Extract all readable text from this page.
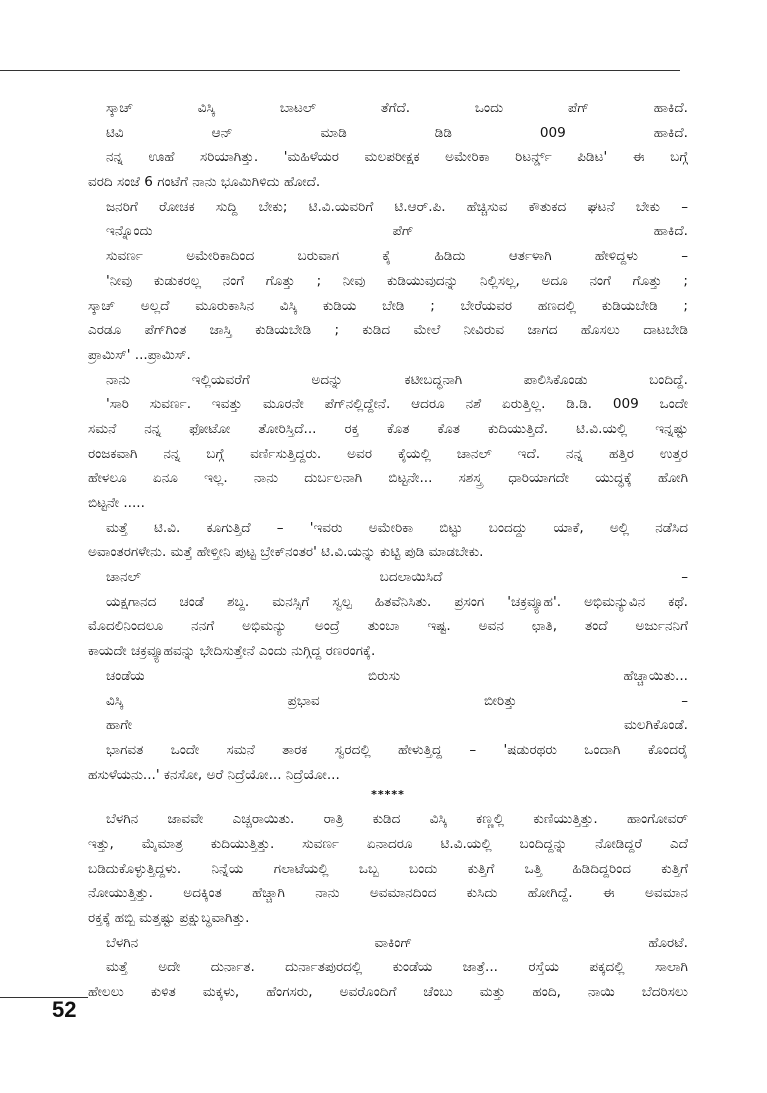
ಸ್ಕಾಚ್ ವಿಸ್ಕಿ ಬಾಟಲ್ ತೆಗೆದೆ. ಒಂದು ಪೆಗ್ ಹಾಕಿದೆ.
ಟಿವಿ ಆನ್ ಮಾಡಿ ಡಿಡಿ 009 ಹಾಕಿದೆ.
ನನ್ನ ಊಹೆ ಸರಿಯಾಗಿತ್ತು. 'ಮಹಿಳೆಯರ ಮಲಪರೀಕ್ಷಕ ಅಮೇರಿಕಾ ರಿಟರ್ನ್ಡ್ ಪಿಡಿಟ' ಈ ಬಗ್ಗೆ
ವರದಿ ಸಂಜೆ 6 ಗಂಟೆಗೆ ನಾನು ಭೂಮಿಗಿಳಿದು ಹೋದೆ.
ಜನರಿಗೆ ರೋಚಕ ಸುದ್ದಿ ಬೇಕು; ಟಿ.ವಿ.ಯವರಿಗೆ ಟಿ.ಆರ್.ಪಿ. ಹೆಚ್ಚಿಸುವ ಕೌತುಕದ ಘಟನೆ ಬೇಕು –
ಇನ್ನೊಂದು ಪೆಗ್ ಹಾಕಿದೆ.
ಸುವರ್ಣ ಅಮೇರಿಕಾದಿಂದ ಬರುವಾಗ ಕೈ ಹಿಡಿದು ಆರ್ತಳಾಗಿ ಹೇಳಿದ್ದಳು –
'ನೀವು ಕುಡುಕರಲ್ಲ ನಂಗೆ ಗೊತ್ತು ; ನೀವು ಕುಡಿಯುವುದನ್ನು ನಿಲ್ಲಿಸಲ್ಲ, ಅದೂ ನಂಗೆ ಗೊತ್ತು ;
ಸ್ಕಾಚ್ ಅಲ್ಲದೆ ಮೂರುಕಾಸಿನ ವಿಸ್ಕಿ ಕುಡಿಯ ಬೇಡಿ ; ಬೇರೆಯವರ ಹಣದಲ್ಲಿ ಕುಡಿಯಬೇಡಿ ;
ಎರಡೂ ಪೆಗ್‌ಗಿಂತ ಜಾಸ್ತಿ ಕುಡಿಯಬೇಡಿ ; ಕುಡಿದ ಮೇಲೆ ನೀವಿರುವ ಜಾಗದ ಹೊಸಲು ದಾಟಬೇಡಿ
ಪ್ರಾಮಿಸ್' ...ಪ್ರಾಮಿಸ್.
ನಾನು ಇಲ್ಲಿಯವರೆಗೆ ಅದನ್ನು ಕಟೀಬದ್ಧನಾಗಿ ಪಾಲಿಸಿಕೊಂಡು ಬಂದಿದ್ದೆ.
'ಸಾರಿ ಸುವರ್ಣ. ಇವತ್ತು ಮೂರನೇ ಪೆಗ್‌ನಲ್ಲಿದ್ದೇನೆ. ಆದರೂ ನಶೆ ಏರುತ್ತಿಲ್ಲ. ಡಿ.ಡಿ. 009 ಒಂದೇ
ಸಮನೆ ನನ್ನ ಫೋಟೋ ತೋರಿಸ್ತಿದೆ... ರಕ್ತ ಕೊತ ಕೊತ ಕುದಿಯುತ್ತಿದೆ. ಟಿ.ವಿ.ಯಲ್ಲಿ ಇನ್ನಷ್ಟು
ರಂಜಕವಾಗಿ ನನ್ನ ಬಗ್ಗೆ ವರ್ಣಿಸುತ್ತಿದ್ದರು. ಅವರ ಕೈಯಲ್ಲಿ ಚಾನಲ್ ಇದೆ. ನನ್ನ ಹತ್ತಿರ ಉತ್ತರ
ಹೇಳಲೂ ಏನೂ ಇಲ್ಲ. ನಾನು ದುರ್ಬಲನಾಗಿ ಬಿಟ್ಟನೇ... ಸಶಸ್ತ್ರ ಧಾರಿಯಾಗದೇ ಯುದ್ಧಕ್ಕೆ ಹೋಗಿ
ಬಿಟ್ಟನೇ .....
ಮತ್ತೆ ಟಿ.ವಿ. ಕೂಗುತ್ತಿದೆ – 'ಇವರು ಅಮೇರಿಕಾ ಬಿಟ್ಟು ಬಂದದ್ದು ಯಾಕೆ, ಅಲ್ಲಿ ನಡೆಸಿದ
ಅವಾಂತರಗಳೇನು. ಮತ್ತೆ ಹೇಳ್ತೀನಿ ಪುಟ್ಟ ಬ್ರೇಕ್‌ನಂತರ' ಟಿ.ವಿ.ಯನ್ನು ಕುಟ್ಟಿ ಪುಡಿ ಮಾಡಬೇಕು.
ಚಾನಲ್ ಬದಲಾಯಿಸಿದೆ –
ಯಕ್ಷಗಾನದ ಚಂಡೆ ಶಬ್ದ. ಮನಸ್ಸಿಗೆ ಸ್ವಲ್ಪ ಹಿತವೆನಿಸಿತು. ಪ್ರಸಂಗ 'ಚಕ್ರವ್ಯೂಹ'. ಅಭಿಮನ್ಯುವಿನ ಕಥೆ.
ಮೊದಲಿನಿಂದಲೂ ನನಗೆ ಅಭಿಮನ್ಯು ಅಂದ್ರೆ ತುಂಬಾ ಇಷ್ಟ. ಅವನ ಛಾತಿ, ತಂದೆ ಅರ್ಜುನನಿಗೆ
ಕಾಯದೇ ಚಕ್ರವ್ಯೂಹವನ್ನು ಭೇದಿಸುತ್ತೇನೆ ಎಂದು ನುಗ್ಗಿದ್ದ ರಣರಂಗಕ್ಕೆ.
ಚಂಡೆಯ ಬಿರುಸು ಹೆಚ್ಚಾಯಿತು...
ವಿಸ್ಕಿ ಪ್ರಭಾವ ಬೀರಿತ್ತು –
ಹಾಗೇ ಮಲಗಿಕೊಂಡೆ.
ಭಾಗವತ ಒಂದೇ ಸಮನೆ ತಾರಕ ಸ್ವರದಲ್ಲಿ ಹೇಳುತ್ತಿದ್ದ – 'ಷಡುರಥರು ಒಂದಾಗಿ ಕೊಂದರೈ
ಹಸುಳೆಯನು...' ಕನಸೋ, ಅರೆ ನಿದ್ರೆಯೋ... ನಿದ್ರೆಯೋ...
*****
ಬೆಳಗಿನ ಜಾವವೇ ಎಚ್ಚರಾಯಿತು. ರಾತ್ರಿ ಕುಡಿದ ವಿಸ್ಕಿ ಕಣ್ಣಲ್ಲಿ ಕುಣಿಯುತ್ತಿತ್ತು. ಹಾಂಗೋವರ್
ಇತ್ತು, ಮೈಮಾತ್ರ ಕುದಿಯುತ್ತಿತ್ತು. ಸುವರ್ಣ ಏನಾದರೂ ಟಿ.ವಿ.ಯಲ್ಲಿ ಬಂದಿದ್ದನ್ನು ನೋಡಿದ್ದರೆ ಎದೆ
ಬಡಿದುಕೊಳ್ಳುತ್ತಿದ್ದಳು. ನಿನ್ನೆಯ ಗಲಾಟೆಯಲ್ಲಿ ಒಬ್ಬ ಬಂದು ಕುತ್ತಿಗೆ ಒತ್ತಿ ಹಿಡಿದಿದ್ದರಿಂದ ಕುತ್ತಿಗೆ
ನೋಯುತ್ತಿತ್ತು. ಅದಕ್ಕಿಂತ ಹೆಚ್ಚಾಗಿ ನಾನು ಅವಮಾನದಿಂದ ಕುಸಿದು ಹೋಗಿದ್ದೆ. ಈ ಅವಮಾನ
ರಕ್ತಕ್ಕೆ ಹಬ್ಬಿ ಮತ್ತಷ್ಟು ಪ್ರಕ್ಷುಬ್ಧವಾಗಿತ್ತು.
ಬೆಳಗಿನ ವಾಕಿಂಗ್ ಹೊರಟೆ.
ಮತ್ತೆ ಅದೇ ದುರ್ನಾತ. ದುರ್ನಾತಪುರದಲ್ಲಿ ಕುಂಡೆಯ ಜಾತ್ರೆ... ರಸ್ತೆಯ ಪಕ್ಕದಲ್ಲಿ ಸಾಲಾಗಿ
ಹೇಲಲು ಕುಳಿತ ಮಕ್ಕಳು, ಹೆಂಗಸರು, ಅವರೊಂದಿಗೆ ಚೆಂಬು ಮತ್ತು ಹಂದಿ, ನಾಯಿ ಬೆದರಿಸಲು
52
